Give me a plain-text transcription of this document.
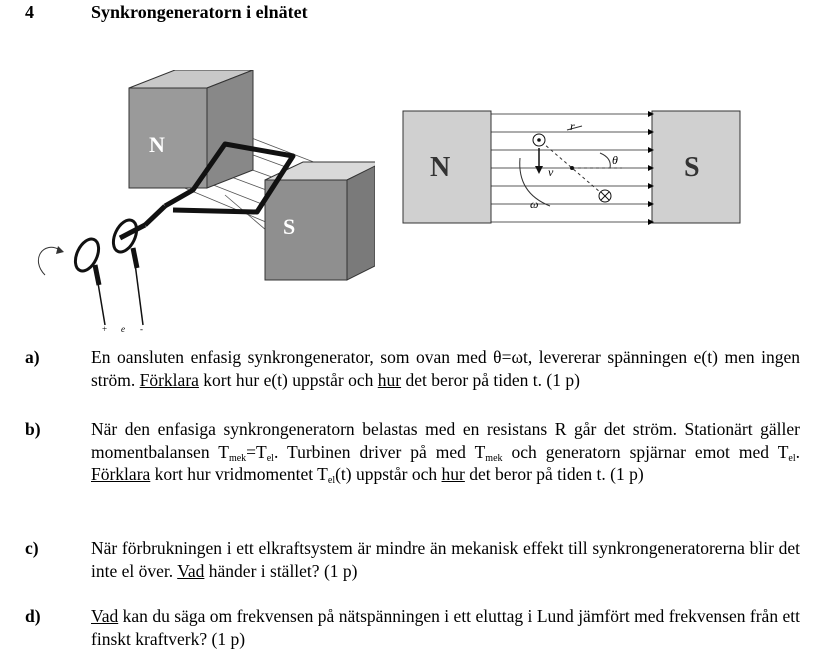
4	Synkrongeneratorn i elnätet
N
S
+ e -
N	S
r
θ
v
ω
a)	En oansluten enfasig synkrongenerator, som ovan med θ=ωt, levererar spänningen e(t) men ingen ström. Förklara kort hur e(t) uppstår och hur det beror på tiden t. (1 p)
b)	När den enfasiga synkrongeneratorn belastas med en resistans R går det ström. Stationärt gäller momentbalansen $T_{mek}=T_{el}$. Turbinen driver på med $T_{mek}$ och generatorn spjärnar emot med $T_{el}$. Förklara kort hur vridmomentet $T_{el}(t)$ uppstår och hur det beror på tiden t. (1 p)
c)	När förbrukningen i ett elkraftsystem är mindre än mekanisk effekt till synkrongeneratorerna blir det inte el över. Vad händer i stället? (1 p)
d)	Vad kan du säga om frekvensen på nätspänningen i ett eluttag i Lund jämfört med frekvensen från ett finskt kraftverk? (1 p)
